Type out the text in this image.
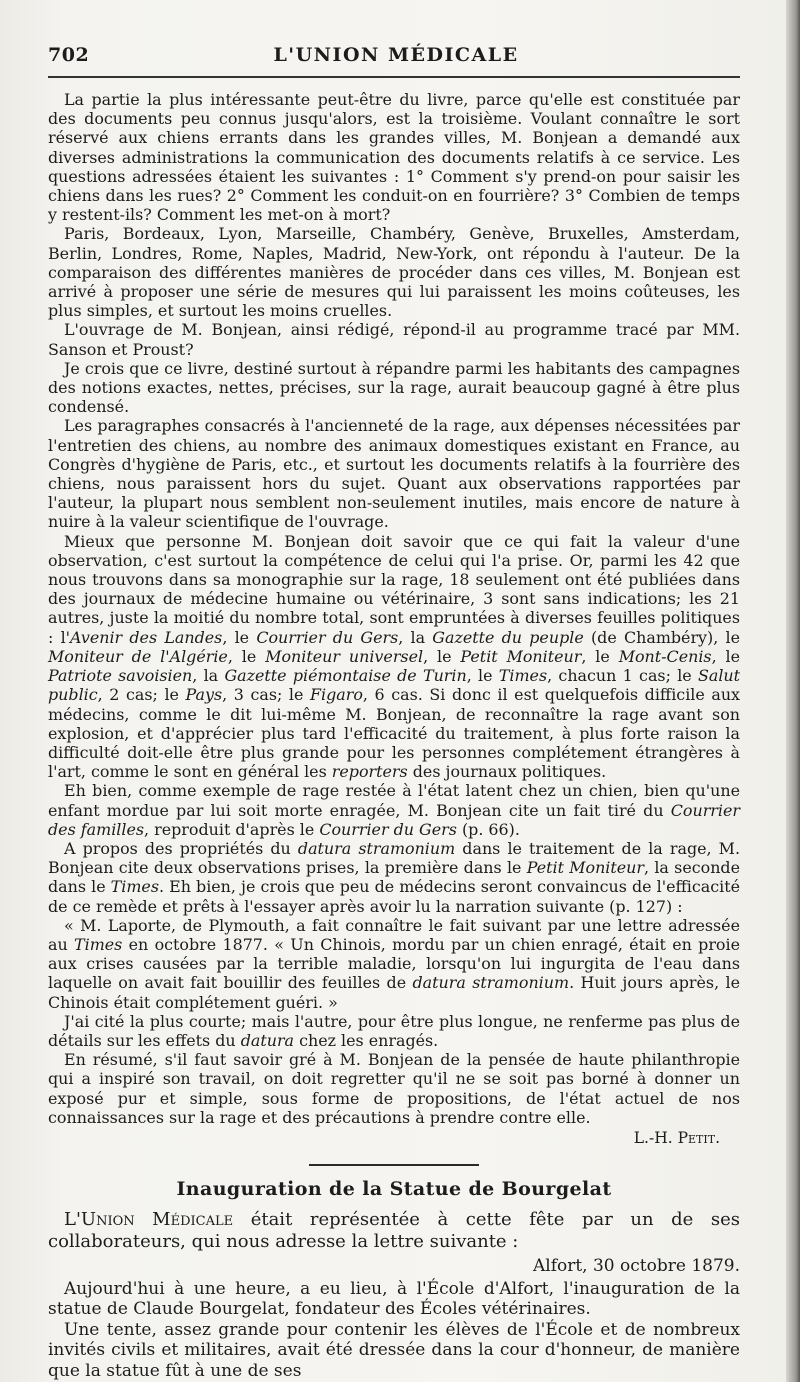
702	L'UNION MÉDICALE

La partie la plus intéressante peut-être du livre, parce qu'elle est constituée par des documents peu connus jusqu'alors, est la troisième. Voulant connaître le sort réservé aux chiens errants dans les grandes villes, M. Bonjean a demandé aux diverses administrations la communication des documents relatifs à ce service. Les questions adressées étaient les suivantes : 1° Comment s'y prend-on pour saisir les chiens dans les rues? 2° Comment les conduit-on en fourrière? 3° Combien de temps y restent-ils? Comment les met-on à mort?

Paris, Bordeaux, Lyon, Marseille, Chambéry, Genève, Bruxelles, Amsterdam, Berlin, Londres, Rome, Naples, Madrid, New-York, ont répondu à l'auteur. De la comparaison des différentes manières de procéder dans ces villes, M. Bonjean est arrivé à proposer une série de mesures qui lui paraissent les moins coûteuses, les plus simples, et surtout les moins cruelles.

L'ouvrage de M. Bonjean, ainsi rédigé, répond-il au programme tracé par MM. Sanson et Proust?

Je crois que ce livre, destiné surtout à répandre parmi les habitants des campagnes des notions exactes, nettes, précises, sur la rage, aurait beaucoup gagné à être plus condensé.

Les paragraphes consacrés à l'ancienneté de la rage, aux dépenses nécessitées par l'entretien des chiens, au nombre des animaux domestiques existant en France, au Congrès d'hygiène de Paris, etc., et surtout les documents relatifs à la fourrière des chiens, nous paraissent hors du sujet. Quant aux observations rapportées par l'auteur, la plupart nous semblent non-seulement inutiles, mais encore de nature à nuire à la valeur scientifique de l'ouvrage.

Mieux que personne M. Bonjean doit savoir que ce qui fait la valeur d'une observation, c'est surtout la compétence de celui qui l'a prise. Or, parmi les 42 que nous trouvons dans sa monographie sur la rage, 18 seulement ont été publiées dans des journaux de médecine humaine ou vétérinaire, 3 sont sans indications; les 21 autres, juste la moitié du nombre total, sont empruntées à diverses feuilles politiques : l'Avenir des Landes, le Courrier du Gers, la Gazette du peuple (de Chambéry), le Moniteur de l'Algérie, le Moniteur universel, le Petit Moniteur, le Mont-Cenis, le Patriote savoisien, la Gazette piémontaise de Turin, le Times, chacun 1 cas; le Salut public, 2 cas; le Pays, 3 cas; le Figaro, 6 cas. Si donc il est quelquefois difficile aux médecins, comme le dit lui-même M. Bonjean, de reconnaître la rage avant son explosion, et d'apprécier plus tard l'efficacité du traitement, à plus forte raison la difficulté doit-elle être plus grande pour les personnes complétement étrangères à l'art, comme le sont en général les reporters des journaux politiques.

Eh bien, comme exemple de rage restée à l'état latent chez un chien, bien qu'une enfant mordue par lui soit morte enragée, M. Bonjean cite un fait tiré du Courrier des familles, reproduit d'après le Courrier du Gers (p. 66).

A propos des propriétés du datura stramonium dans le traitement de la rage, M. Bonjean cite deux observations prises, la première dans le Petit Moniteur, la seconde dans le Times. Eh bien, je crois que peu de médecins seront convaincus de l'efficacité de ce remède et prêts à l'essayer après avoir lu la narration suivante (p. 127) :

« M. Laporte, de Plymouth, a fait connaître le fait suivant par une lettre adressée au Times en octobre 1877. « Un Chinois, mordu par un chien enragé, était en proie aux crises causées par la terrible maladie, lorsqu'on lui ingurgita de l'eau dans laquelle on avait fait bouillir des feuilles de datura stramonium. Huit jours après, le Chinois était complétement guéri. »

J'ai cité la plus courte; mais l'autre, pour être plus longue, ne renferme pas plus de détails sur les effets du datura chez les enragés.

En résumé, s'il faut savoir gré à M. Bonjean de la pensée de haute philanthropie qui a inspiré son travail, on doit regretter qu'il ne se soit pas borné à donner un exposé pur et simple, sous forme de propositions, de l'état actuel de nos connaissances sur la rage et des précautions à prendre contre elle.

L.-H. Petit.
Inauguration de la Statue de Bourgelat

L'Union Médicale était représentée à cette fête par un de ses collaborateurs, qui nous adresse la lettre suivante :

Alfort, 30 octobre 1879.

Aujourd'hui à une heure, a eu lieu, à l'École d'Alfort, l'inauguration de la statue de Claude Bourgelat, fondateur des Écoles vétérinaires.

Une tente, assez grande pour contenir les élèves de l'École et de nombreux invités civils et militaires, avait été dressée dans la cour d'honneur, de manière que la statue fût à une de ses
